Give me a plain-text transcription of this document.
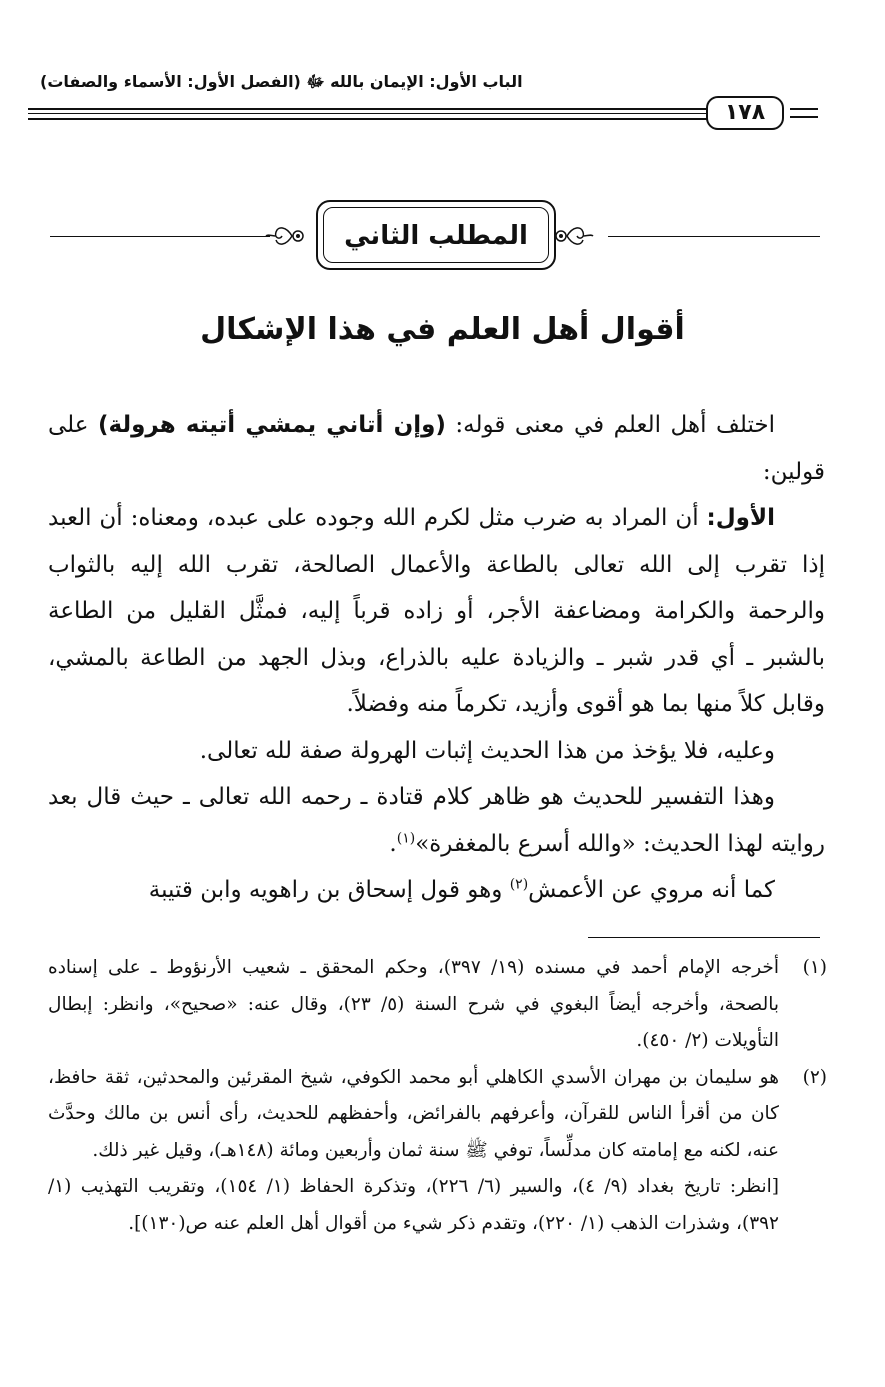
الباب الأول: الإيمان بالله ﷻ (الفصل الأول: الأسماء والصفات)
١٧٨
المطلب الثاني
أقوال أهل العلم في هذا الإشكال

اختلف أهل العلم في معنى قوله: (وإن أتاني يمشي أتيته هرولة) على قولين:

الأول: أن المراد به ضرب مثل لكرم الله وجوده على عبده، ومعناه: أن العبد إذا تقرب إلى الله تعالى بالطاعة والأعمال الصالحة، تقرب الله إليه بالثواب والرحمة والكرامة ومضاعفة الأجر، أو زاده قرباً إليه، فمثَّل القليل من الطاعة بالشبر ـ أي قدر شبر ـ والزيادة عليه بالذراع، وبذل الجهد من الطاعة بالمشي، وقابل كلاً منها بما هو أقوى وأزيد، تكرماً منه وفضلاً.

وعليه، فلا يؤخذ من هذا الحديث إثبات الهرولة صفة لله تعالى.

وهذا التفسير للحديث هو ظاهر كلام قتادة ـ رحمه الله تعالى ـ حيث قال بعد روايته لهذا الحديث: «والله أسرع بالمغفرة»$^{(١)}$.

كما أنه مروي عن الأعمش$^{(٢)}$ وهو قول إسحاق بن راهويه وابن قتيبة

(١)

أخرجه الإمام أحمد في مسنده (١٩/ ٣٩٧)، وحكم المحقق ـ شعيب الأرنؤوط ـ على إسناده بالصحة، وأخرجه أيضاً البغوي في شرح السنة (٥/ ٢٣)، وقال عنه: «صحيح»، وانظر: إبطال التأويلات (٢/ ٤٥٠).

(٢)

هو سليمان بن مهران الأسدي الكاهلي أبو محمد الكوفي، شيخ المقرئين والمحدثين، ثقة حافظ، كان من أقرأ الناس للقرآن، وأعرفهم بالفرائض، وأحفظهم للحديث، رأى أنس بن مالك وحدَّث عنه، لكنه مع إمامته كان مدلِّساً، توفي ﷺ سنة ثمان وأربعين ومائة (١٤٨هـ)، وقيل غير ذلك.

[انظر: تاريخ بغداد (٩/ ٤)، والسير (٦/ ٢٢٦)، وتذكرة الحفاظ (١/ ١٥٤)، وتقريب التهذيب (١/ ٣٩٢)، وشذرات الذهب (١/ ٢٢٠)، وتقدم ذكر شيء من أقوال أهل العلم عنه ص(١٣٠)].
